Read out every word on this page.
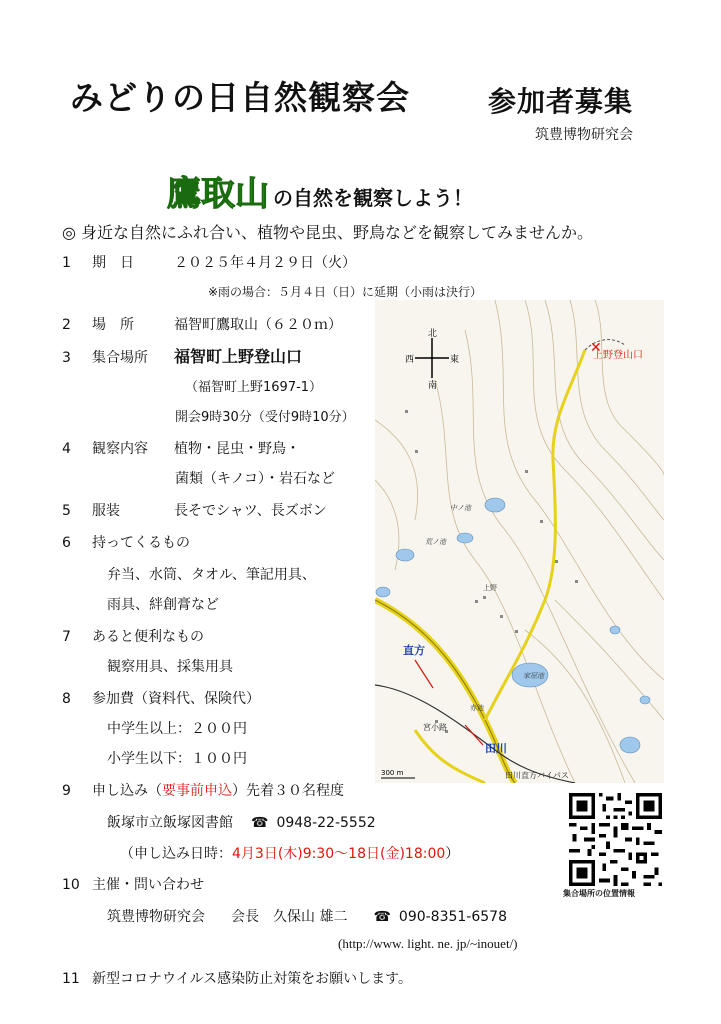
みどりの日自然観察会	参加者募集
筑豊博物研究会
鷹取山 の自然を観察しよう！
◎ 身近な自然にふれ合い、植物や昆虫、野鳥などを観察してみませんか。
1 期　日	２０２５年４月２９日（火）
※雨の場合：５月４日（日）に延期（小雨は決行）
2 場　所	福智町鷹取山（６２０ｍ）
3 集合場所 福智町上野登山口
（福智町上野1697-1）
開会9時30分（受付9時10分）
4 観察内容 植物・昆虫・野鳥・
菌類（キノコ）・岩石など
5 服装	長そでシャツ、長ズボン
6 持ってくるもの
弁当、水筒、タオル、筆記用具、
雨具、絆創膏など
7 あると便利なもの
観察用具、採集用具
8 参加費（資料代、保険代）
中学生以上：２００円
小学生以下：１００円
9 申し込み（要事前申込）先着３０名程度
飯塚市立飯塚図書館 ☎ 0948-22-5552
（申し込み日時：4月3日(木)9:30～18日(金)18:00）
10 主催・問い合わせ
筑豊博物研究会 会長　久保山 雄二 ☎ 090-8351-6578
(http://www. light. ne. jp/~inouet/)
11 新型コロナウイルス感染防止対策をお願いします。
北
南
西	東
✕
上野登山口
中ノ池
荒ノ池
家屋池
上野
赤池
直方
田川
宮小路
田川直方バイパス
300 m
集合場所の位置情報
